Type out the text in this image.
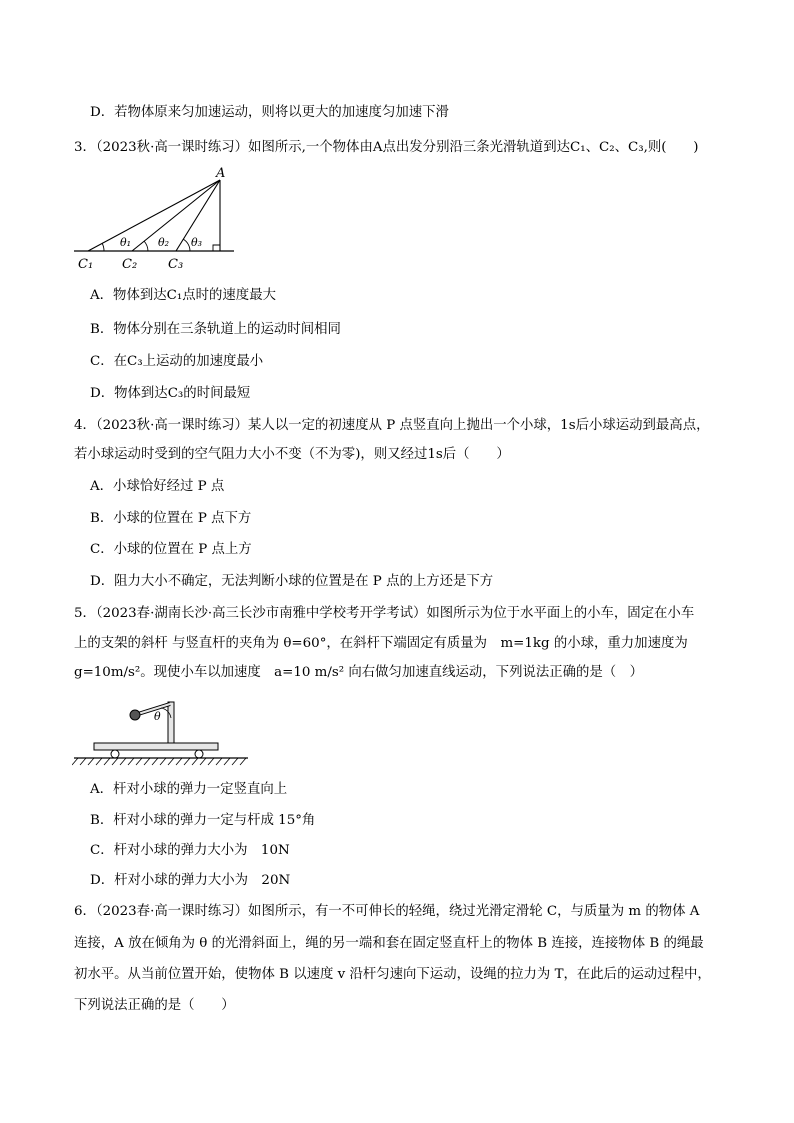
D．若物体原来匀加速运动，则将以更大的加速度匀加速下滑
3．（2023秋·高一课时练习）如图所示,一个物体由A点出发分别沿三条光滑轨道到达C₁、C₂、C₃,则(　　)
A
θ₁ θ₂ θ₃
C₁ C₂ C₃
A．物体到达C₁点时的速度最大
B．物体分别在三条轨道上的运动时间相同
C．在C₃上运动的加速度最小
D．物体到达C₃的时间最短
4．（2023秋·高一课时练习）某人以一定的初速度从 P 点竖直向上抛出一个小球，1s后小球运动到最高点，
若小球运动时受到的空气阻力大小不变（不为零)，则又经过1s后（　　）
A．小球恰好经过 P 点
B．小球的位置在 P 点下方
C．小球的位置在 P 点上方
D．阻力大小不确定，无法判断小球的位置是在 P 点的上方还是下方
5．（2023春·湖南长沙·高三长沙市南雅中学校考开学考试）如图所示为位于水平面上的小车，固定在小车
上的支架的斜杆 与竖直杆的夹角为 θ=60°，在斜杆下端固定有质量为　m=1kg 的小球，重力加速度为
g=10m/s²。现使小车以加速度　a=10 m/s² 向右做匀加速直线运动，下列说法正确的是（　）
θ
A．杆对小球的弹力一定竖直向上
B．杆对小球的弹力一定与杆成 15°角
C．杆对小球的弹力大小为　10N
D．杆对小球的弹力大小为　20N
6．（2023春·高一课时练习）如图所示，有一不可伸长的轻绳，绕过光滑定滑轮 C，与质量为 m 的物体 A
连接，A 放在倾角为 θ 的光滑斜面上，绳的另一端和套在固定竖直杆上的物体 B 连接，连接物体 B 的绳最
初水平。从当前位置开始，使物体 B 以速度 v 沿杆匀速向下运动，设绳的拉力为 T，在此后的运动过程中，
下列说法正确的是（　　）
